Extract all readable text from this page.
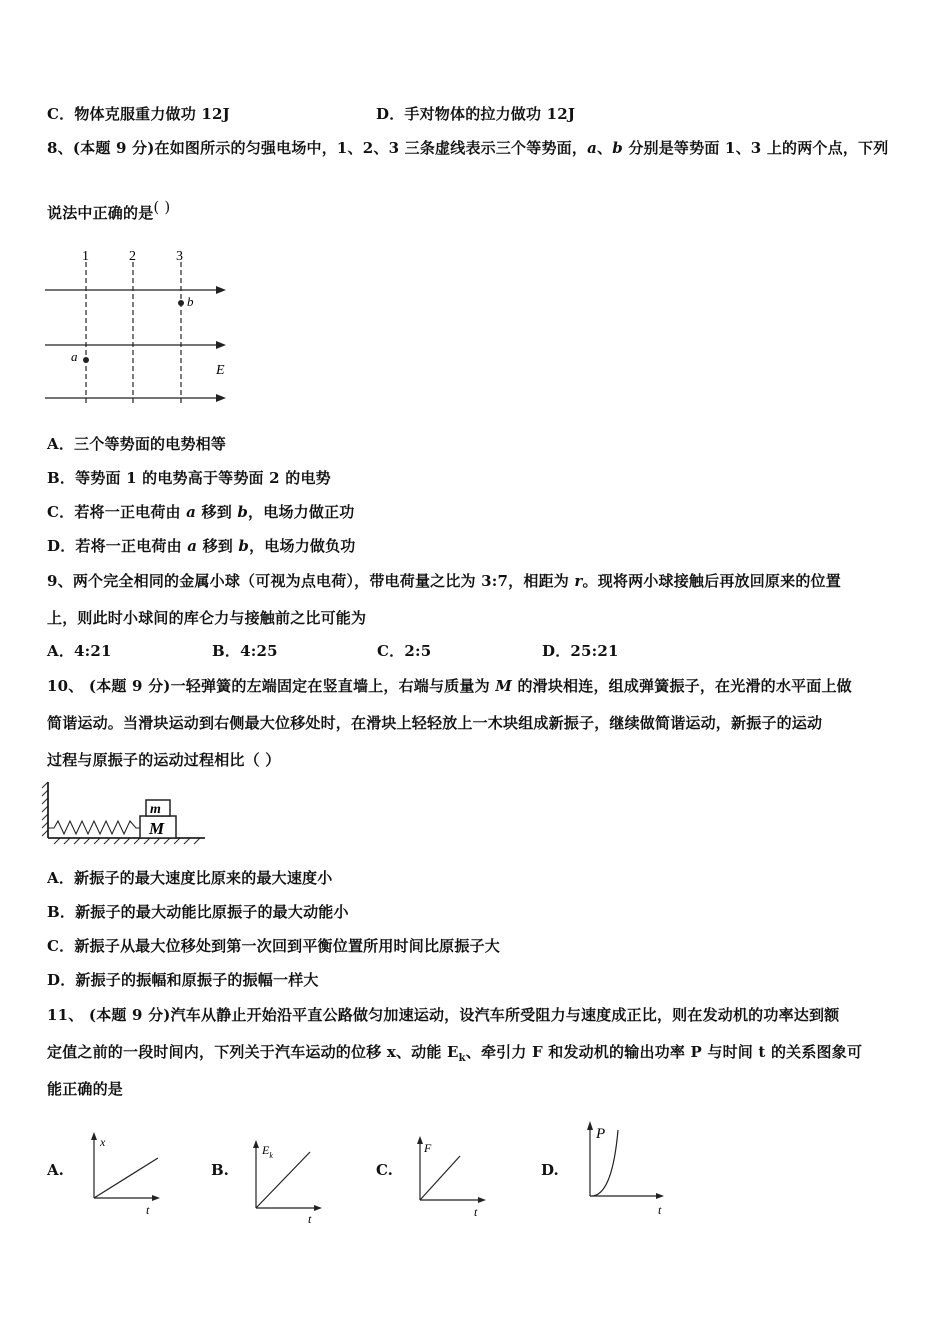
C．物体克服重力做功 12J	D．手对物体的拉力做功 12J
8、(本题 9 分)在如图所示的匀强电场中，1、2、3 三条虚线表示三个等势面，a、b 分别是等势面 1、3 上的两个点，下列
说法中正确的是( )
1	2	3
a
b
E
A．三个等势面的电势相等
B．等势面 1 的电势高于等势面 2 的电势
C．若将一正电荷由 a 移到 b，电场力做正功
D．若将一正电荷由 a 移到 b，电场力做负功
9、两个完全相同的金属小球（可视为点电荷），带电荷量之比为 3:7，相距为 r。现将两小球接触后再放回原来的位置
上，则此时小球间的库仑力与接触前之比可能为
A．4:21	B．4:25	C．2:5	D．25:21
10、 (本题 9 分)一轻弹簧的左端固定在竖直墙上，右端与质量为 M 的滑块相连，组成弹簧振子，在光滑的水平面上做
简谐运动。当滑块运动到右侧最大位移处时，在滑块上轻轻放上一木块组成新振子，继续做简谐运动，新振子的运动
过程与原振子的运动过程相比（ ）
M
m
A．新振子的最大速度比原来的最大速度小
B．新振子的最大动能比原振子的最大动能小
C．新振子从最大位移处到第一次回到平衡位置所用时间比原振子大
D．新振子的振幅和原振子的振幅一样大
11、 (本题 9 分)汽车从静止开始沿平直公路做匀加速运动，设汽车所受阻力与速度成正比，则在发动机的功率达到额
定值之前的一段时间内，下列关于汽车运动的位移 x、动能 $E_k$、牵引力 F 和发动机的输出功率 P 与时间 t 的关系图象可
能正确的是
A.
x
t
B.
$E_k$
t
C.
F
t
D.
P
t
